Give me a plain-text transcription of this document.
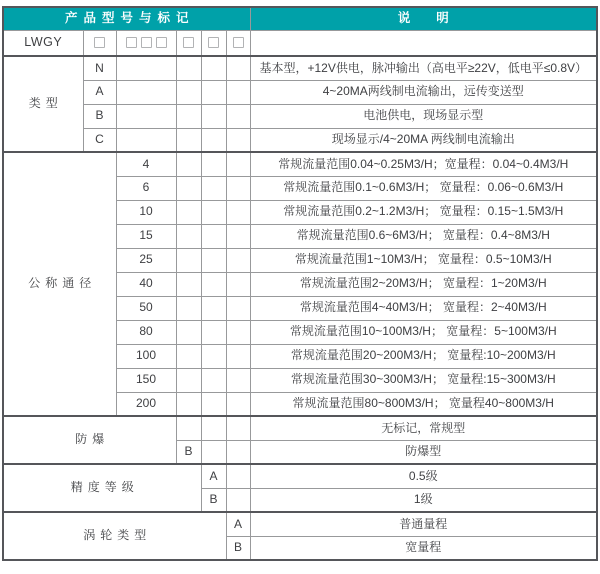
产品型号与标记						说明
LWGY						
类型	N					基本型，+12V供电，脉冲输出（高电平≥22V，低电平≤0.8V）
	A					4~20MA两线制电流输出，远传变送型
	B					电池供电，现场显示型
	C					现场显示/4~20MA 两线制电流输出
公称通径		4				常规流量范围0.04~0.25M3/H；宽量程：0.04~0.4M3/H
		6				常规流量范围0.1~0.6M3/H； 宽量程：0.06~0.6M3/H
		10				常规流量范围0.2~1.2M3/H； 宽量程：0.15~1.5M3/H
		15				常规流量范围0.6~6M3/H； 宽量程：0.4~8M3/H
		25				常规流量范围1~10M3/H； 宽量程：0.5~10M3/H
		40				常规流量范围2~20M3/H； 宽量程：1~20M3/H
		50				常规流量范围4~40M3/H； 宽量程：2~40M3/H
		80				常规流量范围10~100M3/H； 宽量程：5~100M3/H
		100				常规流量范围20~200M3/H； 宽量程:10~200M3/H
		150				常规流量范围30~300M3/H； 宽量程:15~300M3/H
		200				常规流量范围80~800M3/H； 宽量程40~800M3/H
防爆						无标记，常规型
			B			防爆型
精度等级				A		0.5级
				B		1级
涡轮类型					A	普通量程
					B	宽量程
